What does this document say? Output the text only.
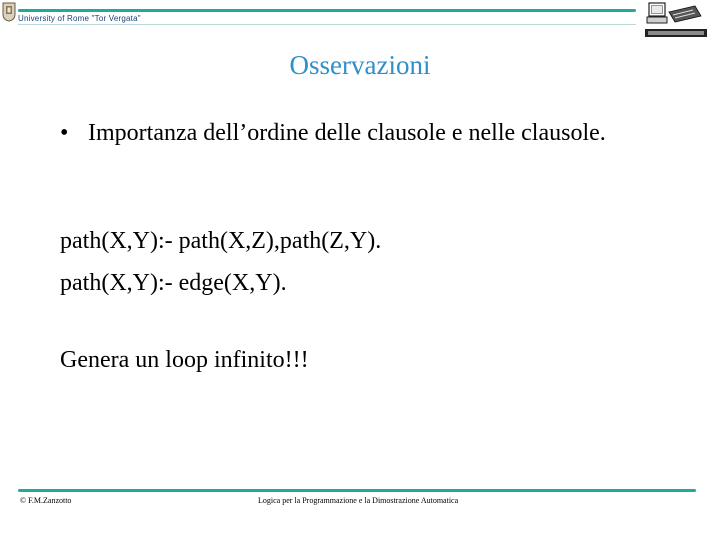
University of Rome "Tor Vergata"
Osservazioni
• Importanza dell’ordine delle clausole e nelle clausole.
path(X,Y):- path(X,Z),path(Z,Y).
path(X,Y):- edge(X,Y).
Genera un loop infinito!!!
© F.M.Zanzotto	Logica per la Programmazione e la Dimostrazione Automatica
